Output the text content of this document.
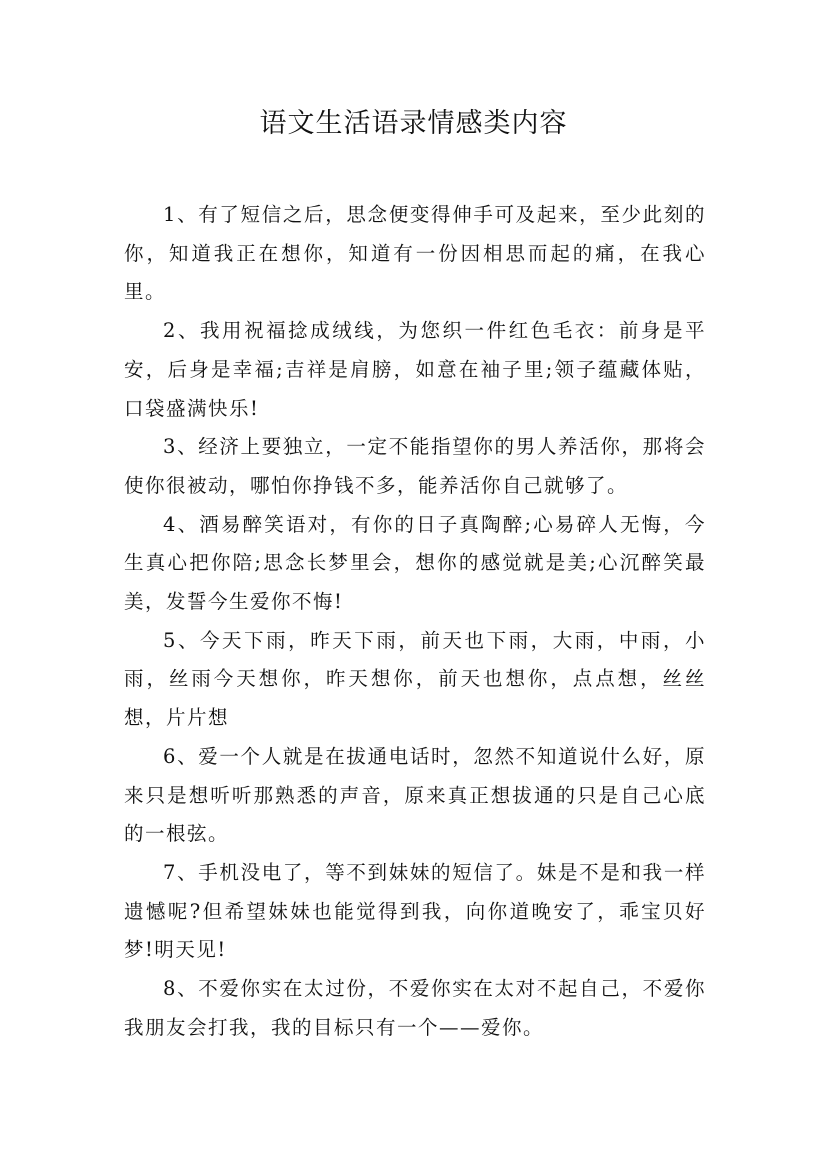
语文生活语录情感类内容

1、有了短信之后，思念便变得伸手可及起来，至少此刻的你，知道我正在想你，知道有一份因相思而起的痛，在我心里。

2、我用祝福捻成绒线，为您织一件红色毛衣：前身是平安，后身是幸福;吉祥是肩膀，如意在袖子里;领子蕴藏体贴，口袋盛满快乐!

3、经济上要独立，一定不能指望你的男人养活你，那将会使你很被动，哪怕你挣钱不多，能养活你自己就够了。

4、酒易醉笑语对，有你的日子真陶醉;心易碎人无悔，今生真心把你陪;思念长梦里会，想你的感觉就是美;心沉醉笑最美，发誓今生爱你不悔!

5、今天下雨，昨天下雨，前天也下雨，大雨，中雨，小雨，丝雨今天想你，昨天想你，前天也想你，点点想，丝丝想，片片想

6、爱一个人就是在拔通电话时，忽然不知道说什么好，原来只是想听听那熟悉的声音，原来真正想拔通的只是自己心底的一根弦。

7、手机没电了，等不到妹妹的短信了。妹是不是和我一样遗憾呢?但希望妹妹也能觉得到我，向你道晚安了，乖宝贝好梦!明天见!

8、不爱你实在太过份，不爱你实在太对不起自己，不爱你我朋友会打我，我的目标只有一个——爱你。
